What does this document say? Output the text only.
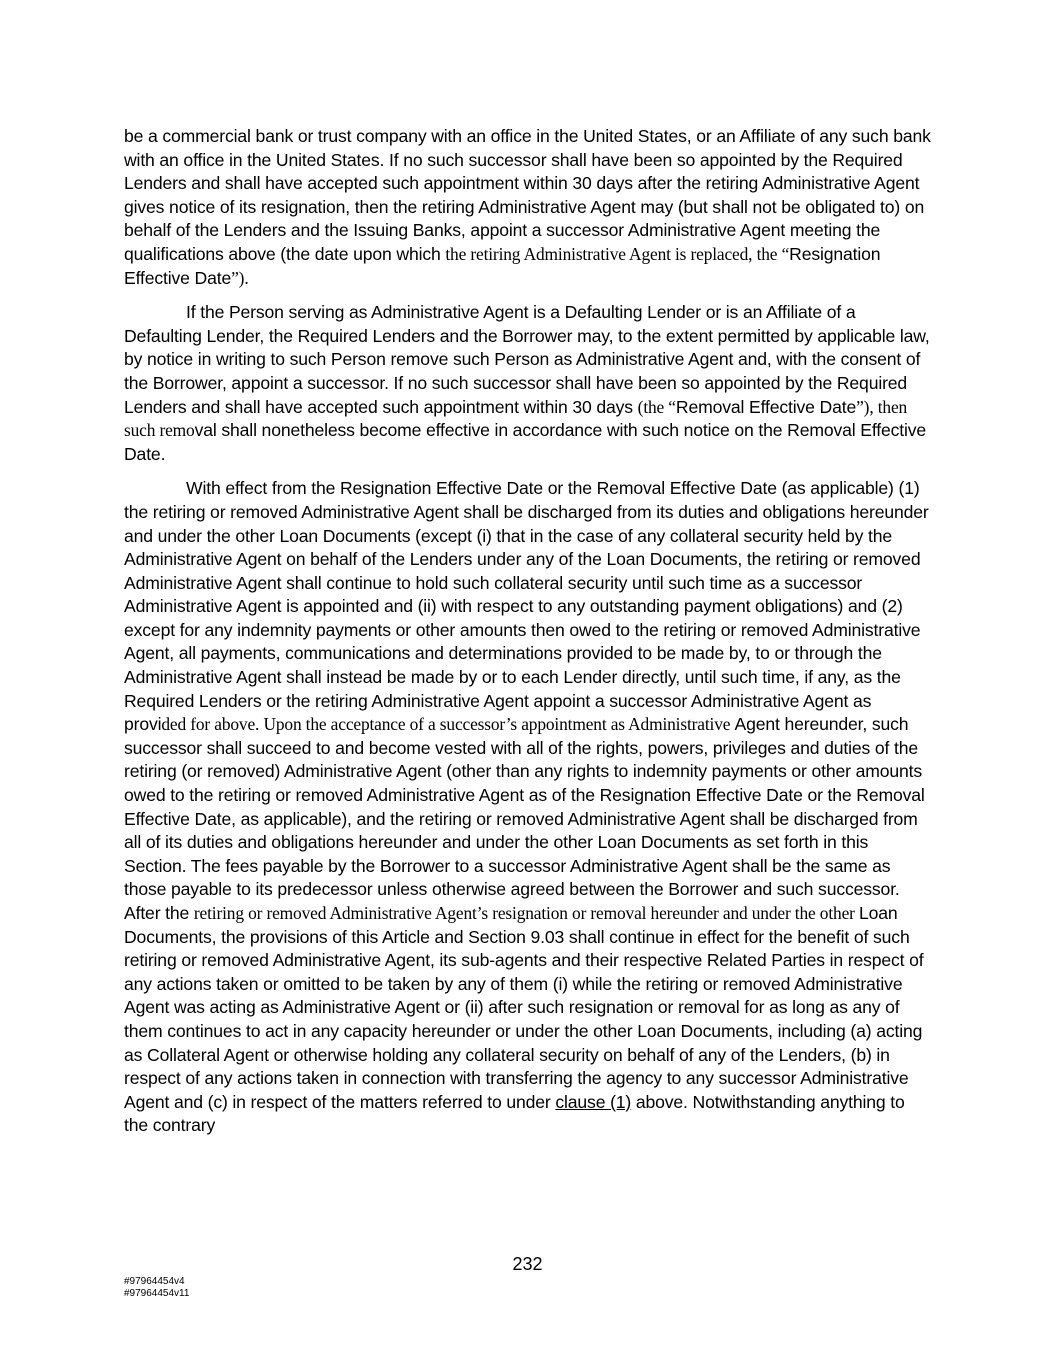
be a commercial bank or trust company with an office in the United States, or an Affiliate of any such bank with an office in the United States. If no such successor shall have been so appointed by the Required Lenders and shall have accepted such appointment within 30 days after the retiring Administrative Agent gives notice of its resignation, then the retiring Administrative Agent may (but shall not be obligated to) on behalf of the Lenders and the Issuing Banks, appoint a successor Administrative Agent meeting the qualifications above (the date upon which the retiring Administrative Agent is replaced, the “Resignation Effective Date”).

If the Person serving as Administrative Agent is a Defaulting Lender or is an Affiliate of a Defaulting Lender, the Required Lenders and the Borrower may, to the extent permitted by applicable law, by notice in writing to such Person remove such Person as Administrative Agent and, with the consent of the Borrower, appoint a successor. If no such successor shall have been so appointed by the Required Lenders and shall have accepted such appointment within 30 days (the “Removal Effective Date”), then such removal shall nonetheless become effective in accordance with such notice on the Removal Effective Date.

With effect from the Resignation Effective Date or the Removal Effective Date (as applicable) (1) the retiring or removed Administrative Agent shall be discharged from its duties and obligations hereunder and under the other Loan Documents (except (i) that in the case of any collateral security held by the Administrative Agent on behalf of the Lenders under any of the Loan Documents, the retiring or removed Administrative Agent shall continue to hold such collateral security until such time as a successor Administrative Agent is appointed and (ii) with respect to any outstanding payment obligations) and (2) except for any indemnity payments or other amounts then owed to the retiring or removed Administrative Agent, all payments, communications and determinations provided to be made by, to or through the Administrative Agent shall instead be made by or to each Lender directly, until such time, if any, as the Required Lenders or the retiring Administrative Agent appoint a successor Administrative Agent as provided for above. Upon the acceptance of a successor’s appointment as Administrative Agent hereunder, such successor shall succeed to and become vested with all of the rights, powers, privileges and duties of the retiring (or removed) Administrative Agent (other than any rights to indemnity payments or other amounts owed to the retiring or removed Administrative Agent as of the Resignation Effective Date or the Removal Effective Date, as applicable), and the retiring or removed Administrative Agent shall be discharged from all of its duties and obligations hereunder and under the other Loan Documents as set forth in this Section. The fees payable by the Borrower to a successor Administrative Agent shall be the same as those payable to its predecessor unless otherwise agreed between the Borrower and such successor. After the retiring or removed Administrative Agent’s resignation or removal hereunder and under the other Loan Documents, the provisions of this Article and Section 9.03 shall continue in effect for the benefit of such retiring or removed Administrative Agent, its sub-agents and their respective Related Parties in respect of any actions taken or omitted to be taken by any of them (i) while the retiring or removed Administrative Agent was acting as Administrative Agent or (ii) after such resignation or removal for as long as any of them continues to act in any capacity hereunder or under the other Loan Documents, including (a) acting as Collateral Agent or otherwise holding any collateral security on behalf of any of the Lenders, (b) in respect of any actions taken in connection with transferring the agency to any successor Administrative Agent and (c) in respect of the matters referred to under clause (1) above. Notwithstanding anything to the contrary

232
#97964454v4
#97964454v11
